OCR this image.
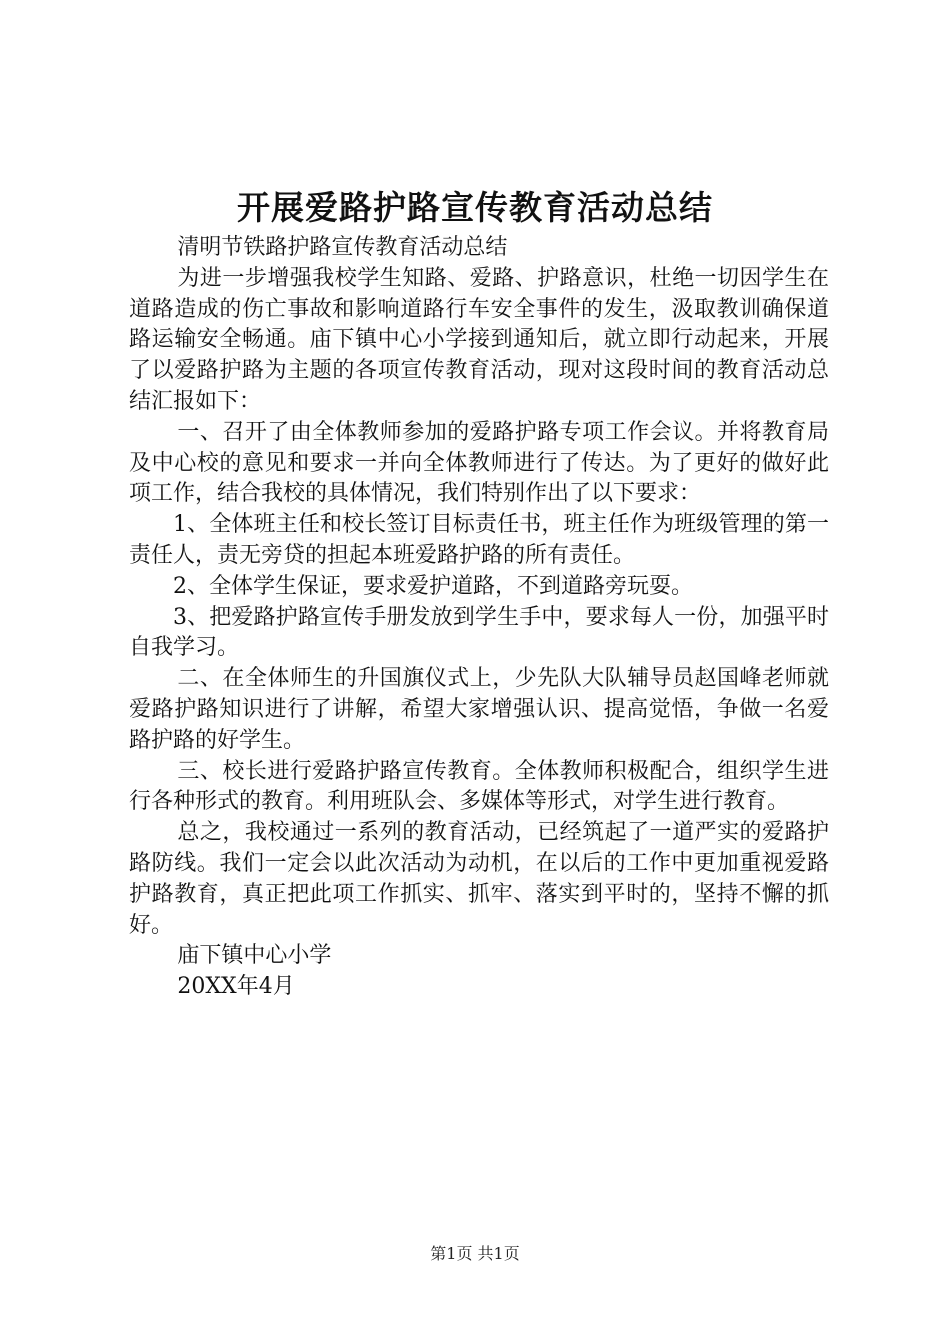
开展爱路护路宣传教育活动总结

清明节铁路护路宣传教育活动总结

为进一步增强我校学生知路、爱路、护路意识，杜绝一切因学生在道路造成的伤亡事故和影响道路行车安全事件的发生，汲取教训确保道路运输安全畅通。庙下镇中心小学接到通知后，就立即行动起来，开展了以爱路护路为主题的各项宣传教育活动，现对这段时间的教育活动总结汇报如下：

一、召开了由全体教师参加的爱路护路专项工作会议。并将教育局及中心校的意见和要求一并向全体教师进行了传达。为了更好的做好此项工作，结合我校的具体情况，我们特别作出了以下要求：

1、全体班主任和校长签订目标责任书，班主任作为班级管理的第一责任人，责无旁贷的担起本班爱路护路的所有责任。

2、全体学生保证，要求爱护道路，不到道路旁玩耍。

3、把爱路护路宣传手册发放到学生手中，要求每人一份，加强平时自我学习。

二、在全体师生的升国旗仪式上，少先队大队辅导员赵国峰老师就爱路护路知识进行了讲解，希望大家增强认识、提高觉悟，争做一名爱路护路的好学生。

三、校长进行爱路护路宣传教育。全体教师积极配合，组织学生进行各种形式的教育。利用班队会、多媒体等形式，对学生进行教育。

总之，我校通过一系列的教育活动，已经筑起了一道严实的爱路护路防线。我们一定会以此次活动为动机，在以后的工作中更加重视爱路护路教育，真正把此项工作抓实、抓牢、落实到平时的，坚持不懈的抓好。

庙下镇中心小学

20XX年4月

第1页 共1页
